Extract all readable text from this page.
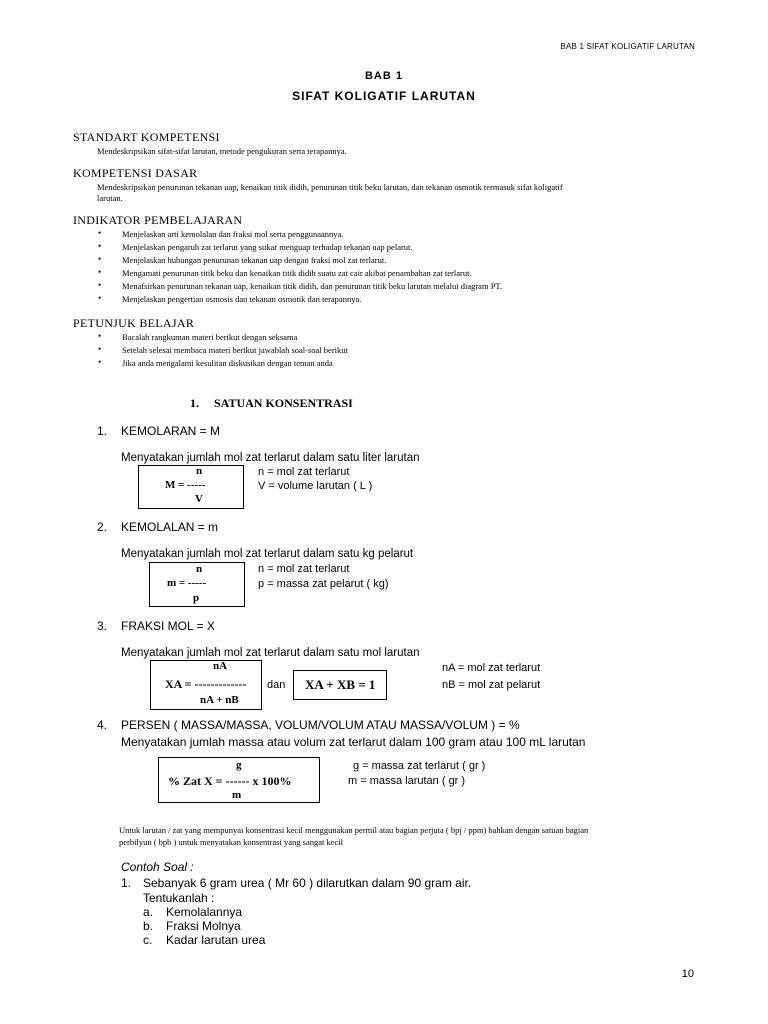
BAB 1 SIFAT KOLIGATIF LARUTAN
BAB 1
SIFAT KOLIGATIF LARUTAN
STANDART KOMPETENSI
Mendeskripsikan sifat-sifat larutan, metode pengukuran serta terapannya.
KOMPETENSI DASAR
Mendeskripsikan penurunan tekanan uap, kenaikan titik didih, penurunan titik beku larutan, dan tekanan osmotik termasuk sifat koligatif
larutan.
INDIKATOR PEMBELAJARAN
• Menjelaskan arti kemolalan dan fraksi mol serta penggunaannya.
• Menjelaskan pengaruh zat terlarut yang sukar menguap terhadap tekanan uap pelarut.
• Menjelaskan hubungan penurunan tekanan uap dengan fraksi mol zat terlarut.
• Mengamati penurunan titik beku dan kenaikan titik didih suatu zat cair akibat penambahan zat terlarut.
• Menafsirkan penurunan tekanan uap, kenaikan titik didih, dan penurunan titik beku larutan melalui diagram PT.
• Menjelaskan pengertian osmosis dan tekanan osmotik dan terapannya.
PETUNJUK BELAJAR
• Bacalah rangkuman materi berikut dengan seksama
• Setelah selesai membaca materi berikut jawablah soal-soal berikut
• Jika anda mengalami kesulitan diskusikan dengan teman anda
1. SATUAN KONSENTRASI
1. KEMOLARAN = M
Menyatakan jumlah mol zat terlarut dalam satu liter larutan
n
M = -----
V
n = mol zat terlarut
V = volume larutan ( L )
2. KEMOLALAN = m
Menyatakan jumlah mol zat terlarut dalam satu kg pelarut
n
m = -----
p
n = mol zat terlarut
p = massa zat pelarut ( kg)
3. FRAKSI MOL = X
Menyatakan jumlah mol zat terlarut dalam satu mol larutan
nA
XA = -------------
nA + nB
dan XA + XB = 1
nA = mol zat terlarut
nB = mol zat pelarut
4. PERSEN ( MASSA/MASSA, VOLUM/VOLUM ATAU MASSA/VOLUM ) = %
Menyatakan jumlah massa atau volum zat terlarut dalam 100 gram atau 100 mL larutan
g
% Zat X = ------ x 100%
m
g = massa zat terlarut ( gr )
m = massa larutan ( gr )
Untuk larutan / zat yang mempunyai konsentrasi kecil menggunakan permil atau bagian perjuta ( bpj / ppm) bahkan dengan satuan bagian
perbilyun ( bpb ) untuk menyatakan konsentrasi yang sangat kecil
Contoh Soal :
1. Sebanyak 6 gram urea ( Mr 60 ) dilarutkan dalam 90 gram air.
Tentukanlah :
a. Kemolalannya
b. Fraksi Molnya
c. Kadar larutan urea
10
